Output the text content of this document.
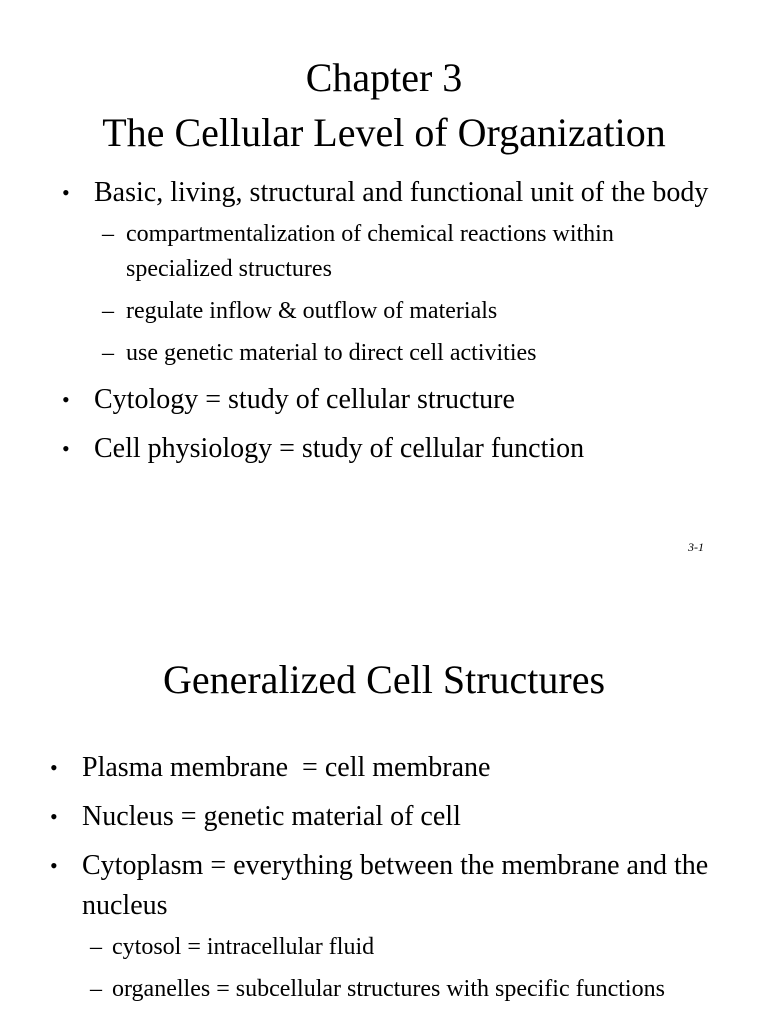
Chapter 3
The Cellular Level of Organization
• Basic, living, structural and functional unit of the body
– compartmentalization of chemical reactions within specialized structures
– regulate inflow & outflow of materials
– use genetic material to direct cell activities
• Cytology = study of cellular structure
• Cell physiology = study of cellular function
3-1
Generalized Cell Structures
• Plasma membrane  = cell membrane
• Nucleus = genetic material of cell
• Cytoplasm = everything between the membrane and the nucleus
– cytosol = intracellular fluid
– organelles = subcellular structures with specific functions
